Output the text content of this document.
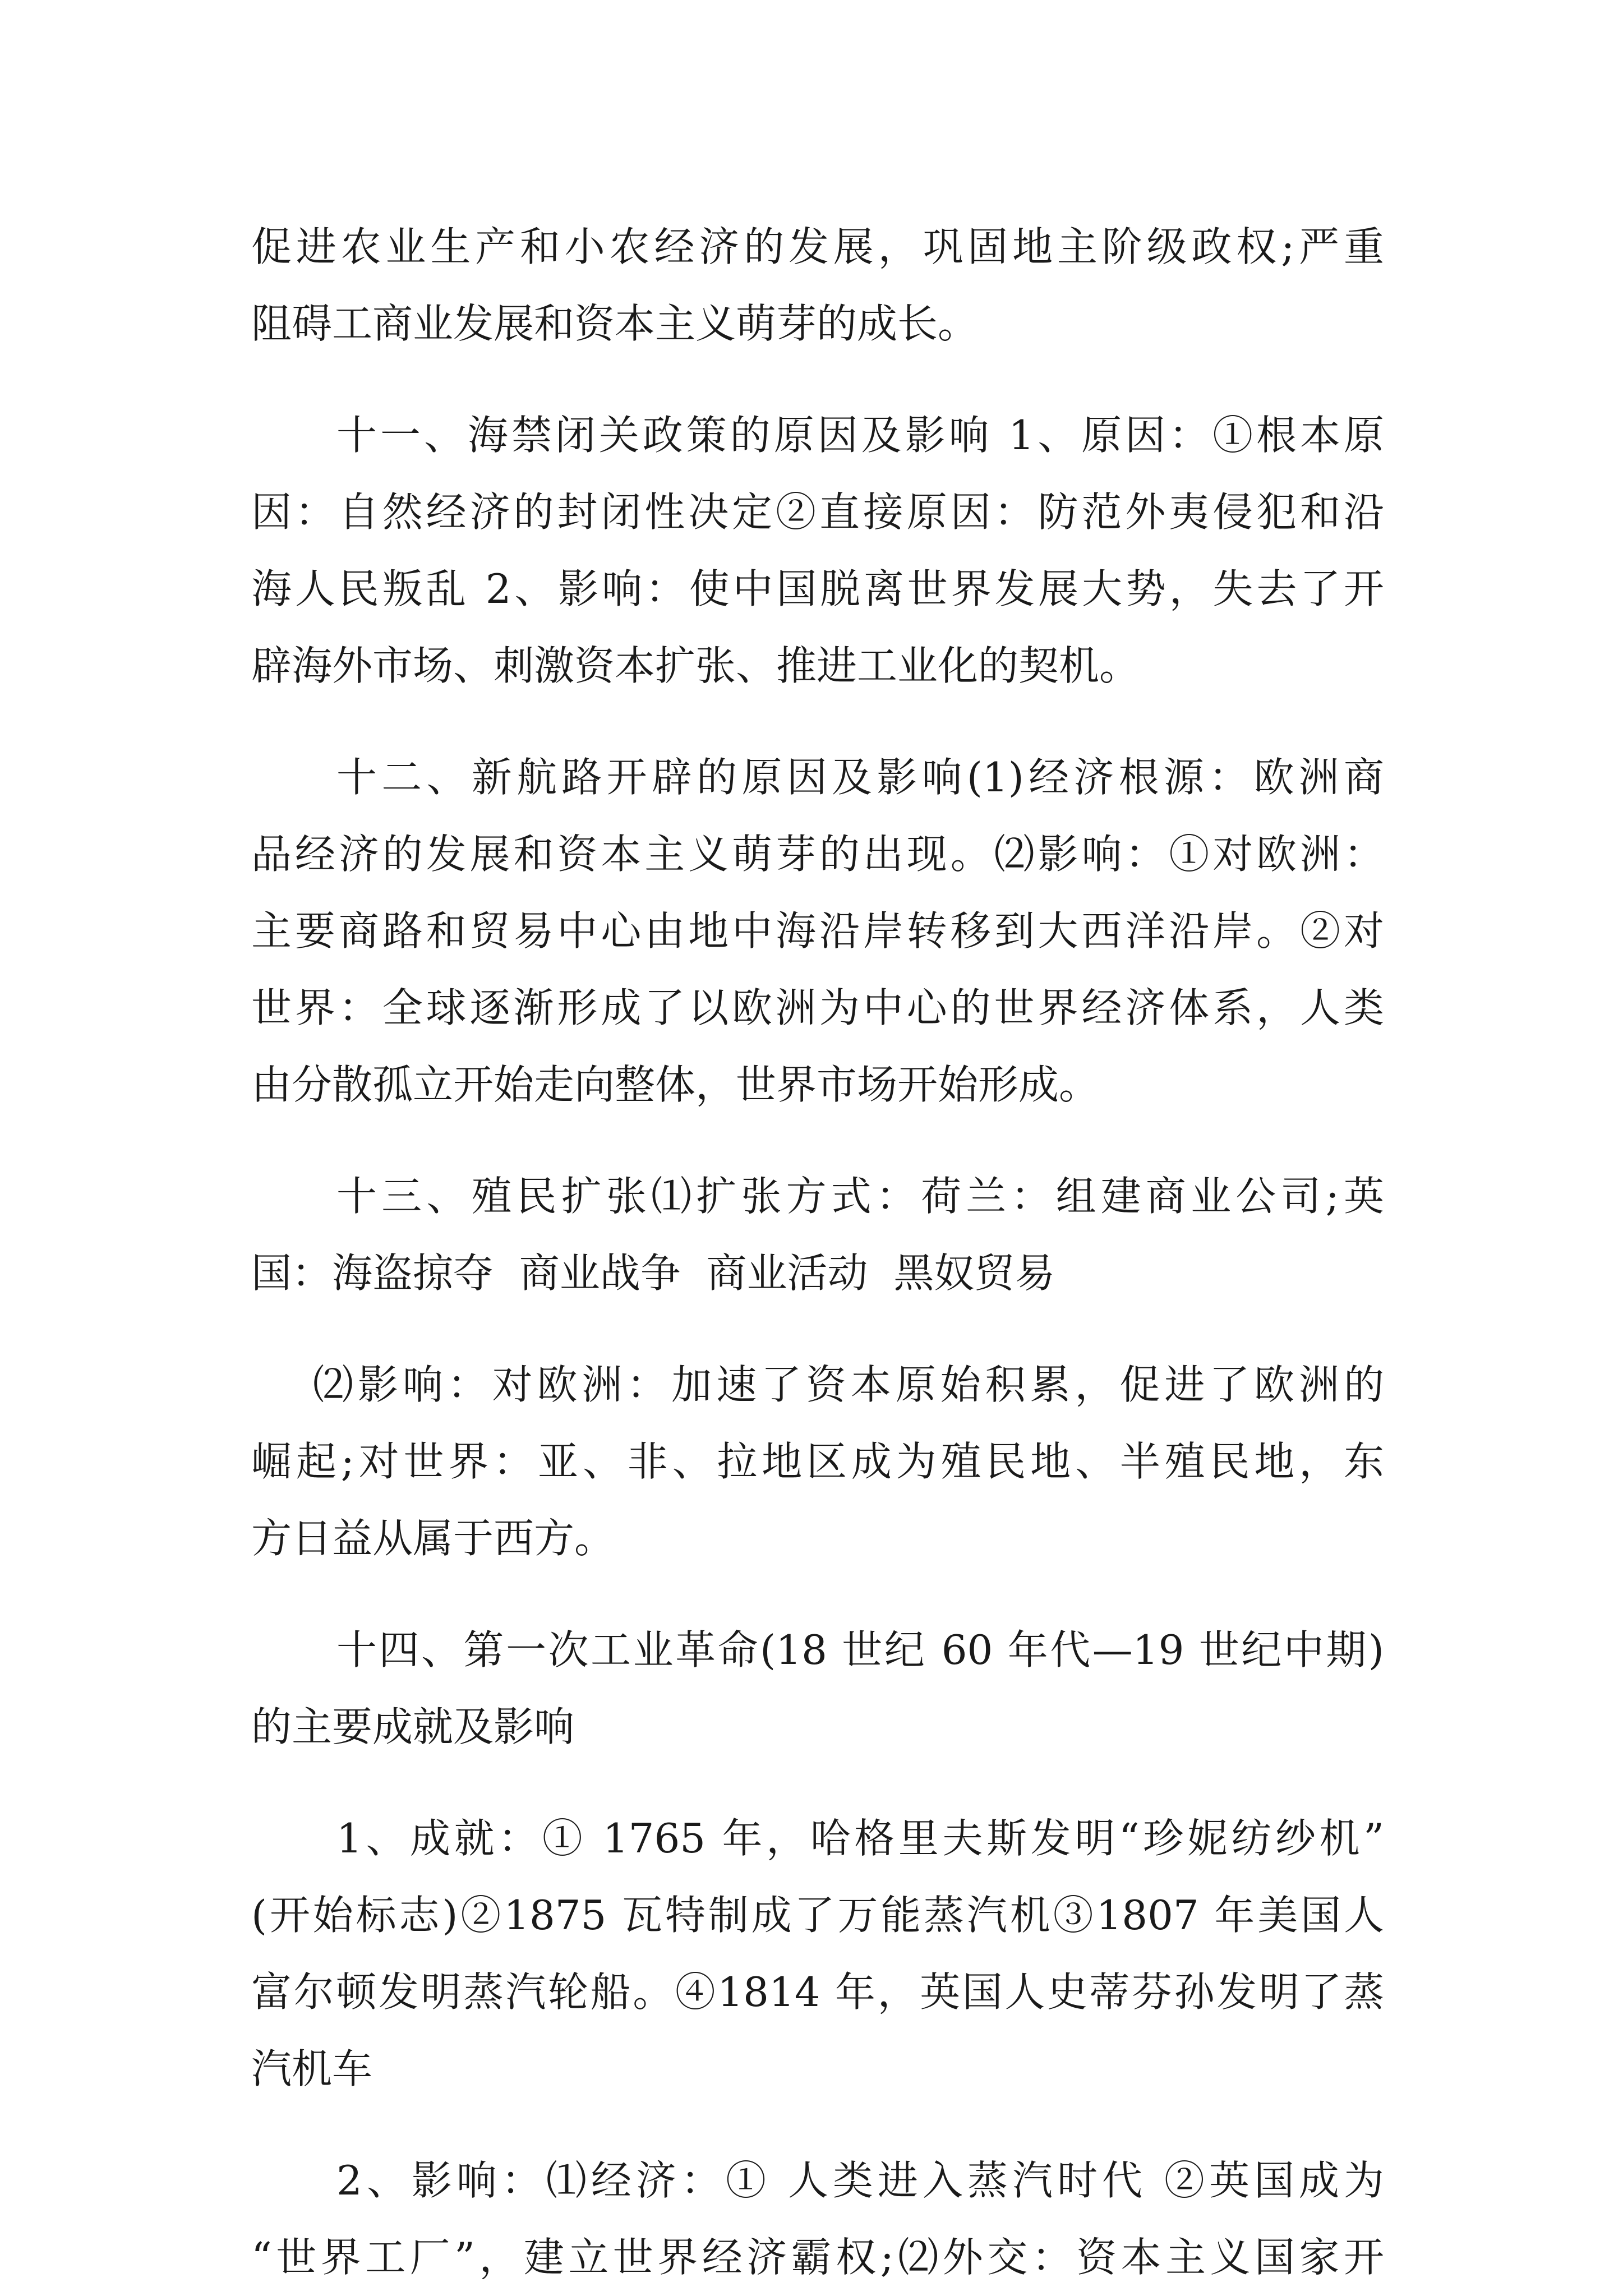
促进农业生产和小农经济的发展，巩固地主阶级政权;严重
阻碍工商业发展和资本主义萌芽的成长。
十一、海禁闭关政策的原因及影响 1、原因：①根本原
因：自然经济的封闭性决定②直接原因：防范外夷侵犯和沿
海人民叛乱 2、影响：使中国脱离世界发展大势，失去了开
辟海外市场、刺激资本扩张、推进工业化的契机。
十二、新航路开辟的原因及影响(1)经济根源：欧洲商
品经济的发展和资本主义萌芽的出现。⑵影响：①对欧洲：
主要商路和贸易中心由地中海沿岸转移到大西洋沿岸。②对
世界：全球逐渐形成了以欧洲为中心的世界经济体系，人类
由分散孤立开始走向整体，世界市场开始形成。
十三、殖民扩张⑴扩张方式：荷兰：组建商业公司;英
国：海盗掠夺  商业战争  商业活动  黑奴贸易
⑵影响：对欧洲：加速了资本原始积累，促进了欧洲的
崛起;对世界：亚、非、拉地区成为殖民地、半殖民地，东
方日益从属于西方。
十四、第一次工业革命(18 世纪 60 年代—19 世纪中期)
的主要成就及影响
1、成就：① 1765 年，哈格里夫斯发明“珍妮纺纱机”
(开始标志)②1875 瓦特制成了万能蒸汽机③1807 年美国人
富尔顿发明蒸汽轮船。④1814 年，英国人史蒂芬孙发明了蒸
汽机车
2、影响：⑴经济：① 人类进入蒸汽时代 ②英国成为
“世界工厂”，建立世界经济霸权;⑵外交：资本主义国家开
